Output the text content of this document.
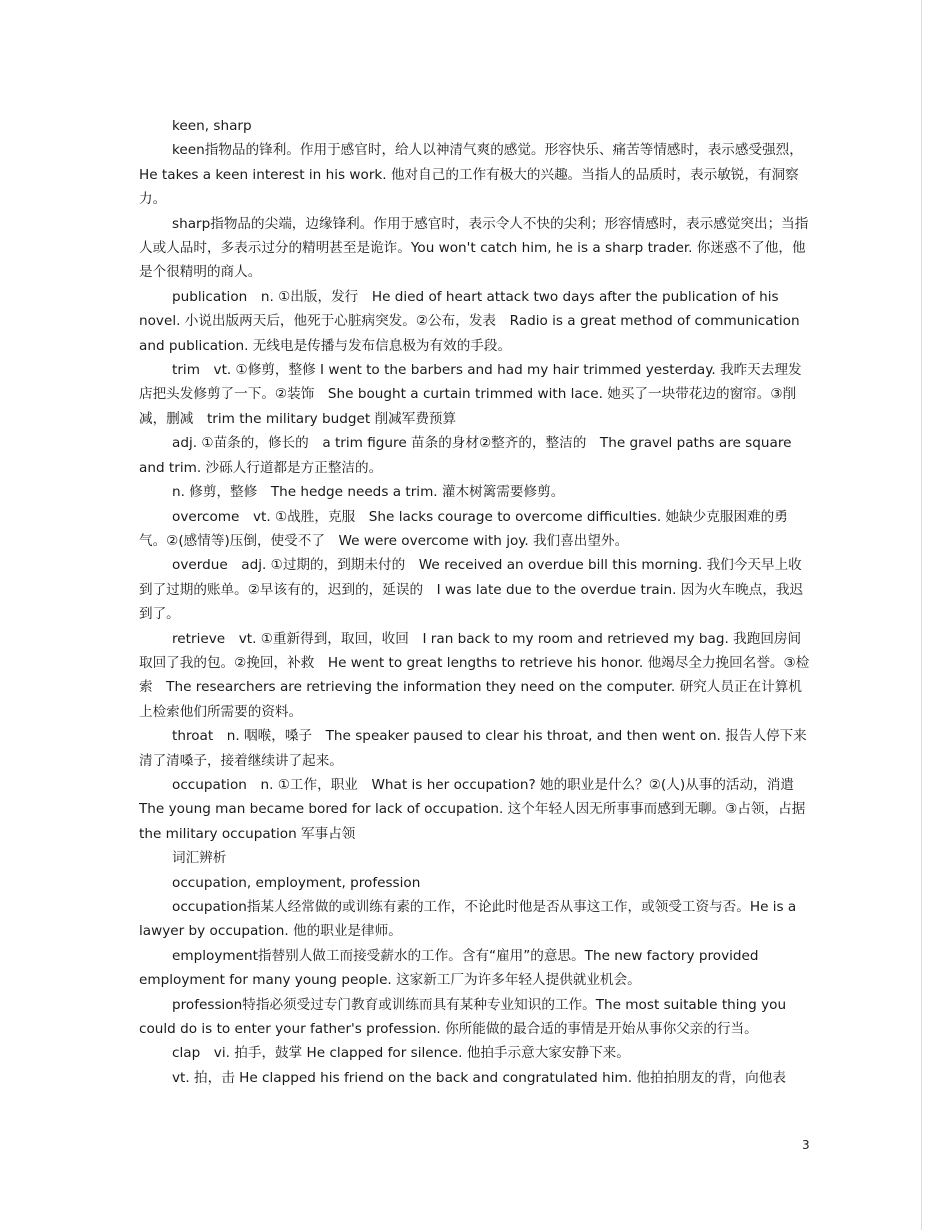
keen, sharp

keen指物品的锋利。作用于感官时，给人以神清气爽的感觉。形容快乐、痛苦等情感时，表示感受强烈，He takes a keen interest in his work. 他对自己的工作有极大的兴趣。当指人的品质时，表示敏锐，有洞察力。

sharp指物品的尖端，边缘锋利。作用于感官时，表示令人不快的尖利；形容情感时，表示感觉突出；当指人或人品时，多表示过分的精明甚至是诡诈。You won't catch him, he is a sharp trader. 你迷惑不了他，他是个很精明的商人。

publication　n. ①出版，发行　He died of heart attack two days after the publication of his novel. 小说出版两天后，他死于心脏病突发。②公布，发表　Radio is a great method of communication and publication. 无线电是传播与发布信息极为有效的手段。

trim　vt. ①修剪，整修 I went to the barbers and had my hair trimmed yesterday. 我昨天去理发店把头发修剪了一下。②装饰　She bought a curtain trimmed with lace. 她买了一块带花边的窗帘。③削减，删减　trim the military budget 削减军费预算

adj. ①苗条的，修长的　a trim figure 苗条的身材②整齐的，整洁的　The gravel paths are square and trim. 沙砾人行道都是方正整洁的。

n. 修剪，整修　The hedge needs a trim. 灌木树篱需要修剪。

overcome　vt. ①战胜，克服　She lacks courage to overcome difficulties. 她缺少克服困难的勇气。②(感情等)压倒，使受不了　We were overcome with joy. 我们喜出望外。

overdue　adj. ①过期的，到期未付的　We received an overdue bill this morning. 我们今天早上收到了过期的账单。②早该有的，迟到的，延误的　I was late due to the overdue train. 因为火车晚点，我迟到了。

retrieve　vt. ①重新得到，取回，收回　I ran back to my room and retrieved my bag. 我跑回房间取回了我的包。②挽回，补救　He went to great lengths to retrieve his honor. 他竭尽全力挽回名誉。③检索　The researchers are retrieving the information they need on the computer. 研究人员正在计算机上检索他们所需要的资料。

throat　n. 咽喉，嗓子　The speaker paused to clear his throat, and then went on. 报告人停下来清了清嗓子，接着继续讲了起来。

occupation　n. ①工作，职业　What is her occupation? 她的职业是什么？②(人)从事的活动，消遣 The young man became bored for lack of occupation. 这个年轻人因无所事事而感到无聊。③占领，占据　the military occupation 军事占领

词汇辨析

occupation, employment, profession

occupation指某人经常做的或训练有素的工作，不论此时他是否从事这工作，或领受工资与否。He is a lawyer by occupation. 他的职业是律师。

employment指替别人做工而接受薪水的工作。含有“雇用”的意思。The new factory provided employment for many young people. 这家新工厂为许多年轻人提供就业机会。

profession特指必须受过专门教育或训练而具有某种专业知识的工作。The most suitable thing you could do is to enter your father's profession. 你所能做的最合适的事情是开始从事你父亲的行当。

clap　vi. 拍手，鼓掌 He clapped for silence. 他拍手示意大家安静下来。

vt. 拍，击 He clapped his friend on the back and congratulated him. 他拍拍朋友的背，向他表

3
